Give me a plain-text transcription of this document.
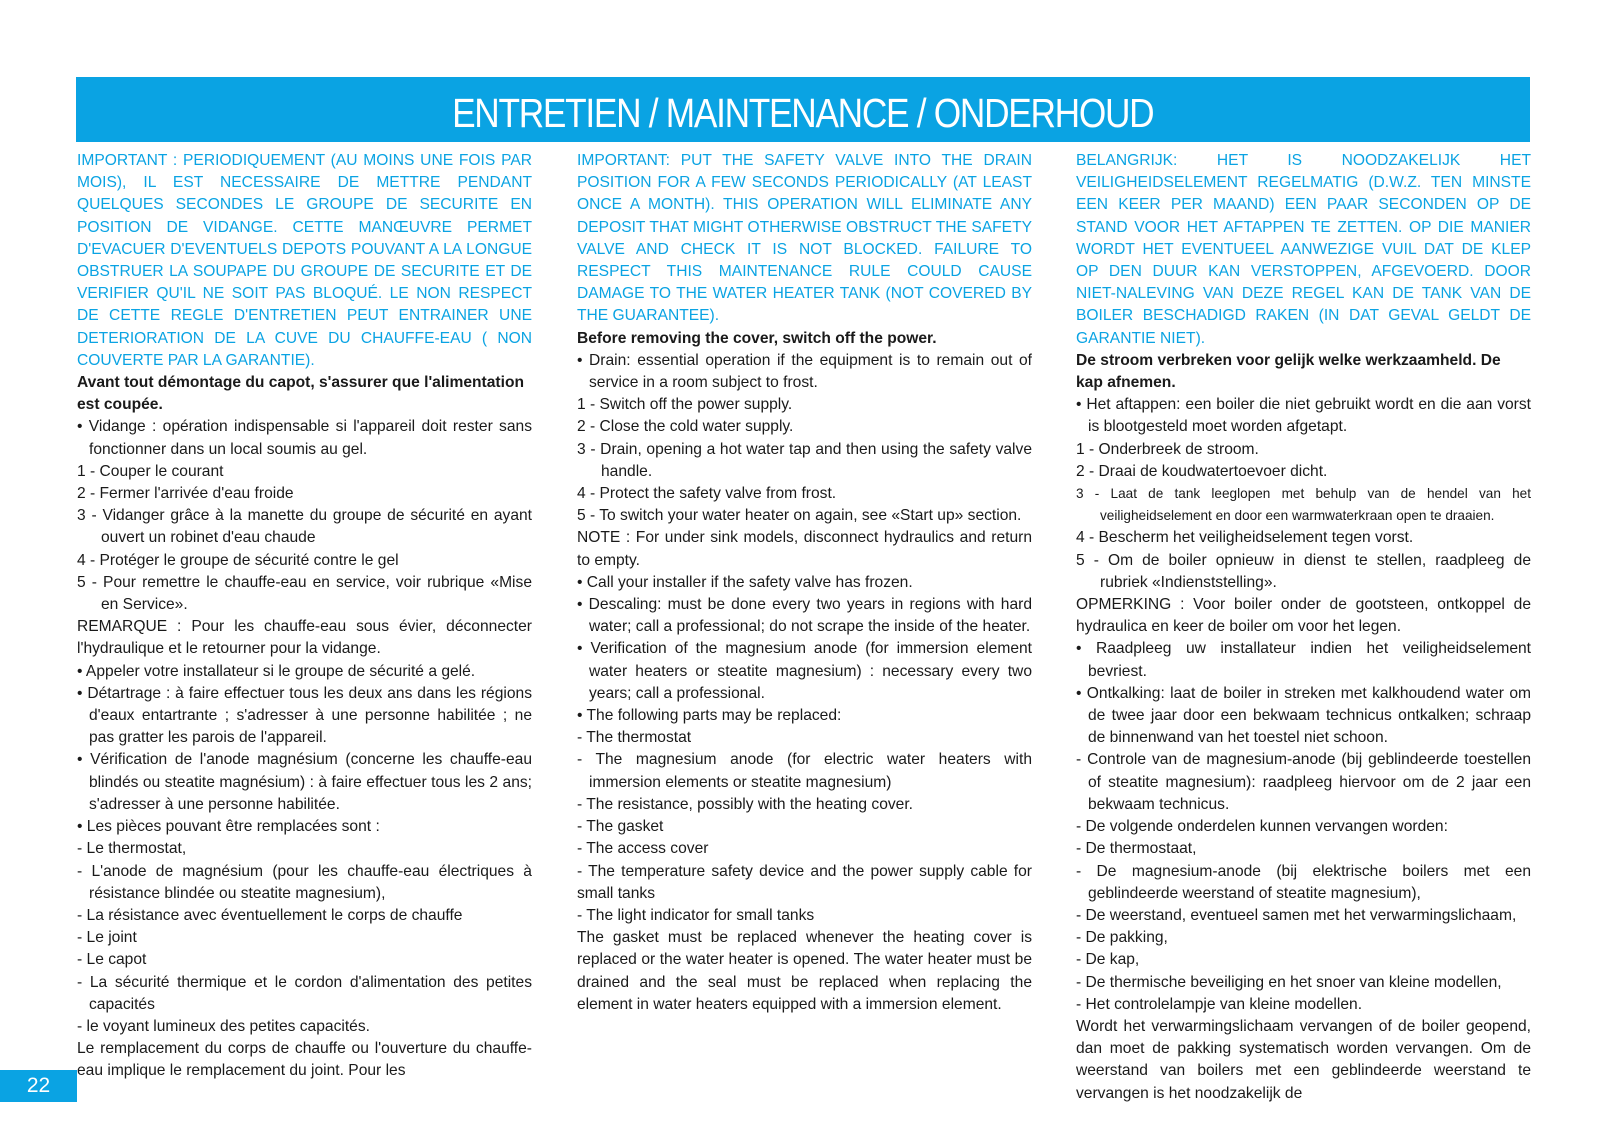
ENTRETIEN / MAINTENANCE / ONDERHOUD

IMPORTANT : PERIODIQUEMENT (AU MOINS UNE FOIS PAR MOIS), IL EST NECESSAIRE DE METTRE PENDANT QUELQUES SECONDES LE GROUPE DE SECURITE EN POSITION DE VIDANGE. CETTE MANŒUVRE PERMET D'EVACUER D'EVENTUELS DEPOTS POUVANT A LA LONGUE OBSTRUER LA SOUPAPE DU GROUPE DE SECURITE ET DE VERIFIER QU'IL NE SOIT PAS BLOQUÉ. LE NON RESPECT DE CETTE REGLE D'ENTRETIEN PEUT ENTRAINER UNE DETERIORATION DE LA CUVE DU CHAUFFE-EAU ( NON COUVERTE PAR LA GARANTIE).

Avant tout démontage du capot, s'assurer que l'alimentation est coupée.

• Vidange : opération indispensable si l'appareil doit rester sans fonctionner dans un local soumis au gel.

1 - Couper le courant

2 - Fermer l'arrivée d'eau froide

3 - Vidanger grâce à la manette du groupe de sécurité en ayant ouvert un robinet d'eau chaude

4 - Protéger le groupe de sécurité contre le gel

5 - Pour remettre le chauffe-eau en service, voir rubrique «Mise en Service».

REMARQUE : Pour les chauffe-eau sous évier, déconnecter l'hydraulique et le retourner pour la vidange.

• Appeler votre installateur si le groupe de sécurité a gelé.

• Détartrage : à faire effectuer tous les deux ans dans les régions d'eaux entartrante ; s'adresser à une personne habilitée ; ne pas gratter les parois de l'appareil.

• Vérification de l'anode magnésium (concerne les chauffe-eau blindés ou steatite magnésium) : à faire effectuer tous les 2 ans; s'adresser à une personne habilitée.

• Les pièces pouvant être remplacées sont :

- Le thermostat,

- L'anode de magnésium (pour les chauffe-eau électriques à résistance blindée ou steatite magnesium),

- La résistance avec éventuellement le corps de chauffe

- Le joint

- Le capot

- La sécurité thermique et le cordon d'alimentation des petites capacités

- le voyant lumineux des petites capacités.

Le remplacement du corps de chauffe ou l'ouverture du chauffe-eau implique le remplacement du joint. Pour les

IMPORTANT: PUT THE SAFETY VALVE INTO THE DRAIN POSITION FOR A FEW SECONDS PERIODICALLY (AT LEAST ONCE A MONTH). THIS OPERATION WILL ELIMINATE ANY DEPOSIT THAT MIGHT OTHERWISE OBSTRUCT THE SAFETY VALVE AND CHECK IT IS NOT BLOCKED. FAILURE TO RESPECT THIS MAINTENANCE RULE COULD CAUSE DAMAGE TO THE WATER HEATER TANK (NOT COVERED BY THE GUARANTEE).

Before removing the cover, switch off the power.

• Drain: essential operation if the equipment is to remain out of service in a room subject to frost.

1 - Switch off the power supply.

2 - Close the cold water supply.

3 - Drain, opening a hot water tap and then using the safety valve handle.

4 - Protect the safety valve from frost.

5 - To switch your water heater on again, see «Start up» section.

NOTE : For under sink models, disconnect hydraulics and return to empty.

• Call your installer if the safety valve has frozen.

• Descaling: must be done every two years in regions with hard water; call a professional; do not scrape the inside of the heater.

• Verification of the magnesium anode (for immersion element water heaters or steatite magnesium) : necessary every two years; call a professional.

• The following parts may be replaced:

- The thermostat

- The magnesium anode (for electric water heaters with immersion elements or steatite magnesium)

- The resistance, possibly with the heating cover.

- The gasket

- The access cover

- The temperature safety device and the power supply cable for small tanks

- The light indicator for small tanks

The gasket must be replaced whenever the heating cover is replaced or the water heater is opened. The water heater must be drained and the seal must be replaced when replacing the element in water heaters equipped with a immersion element.

BELANGRIJK: HET IS NOODZAKELIJK HET VEILIGHEIDSELEMENT REGELMATIG (D.W.Z. TEN MINSTE EEN KEER PER MAAND) EEN PAAR SECONDEN OP DE STAND VOOR HET AFTAPPEN TE ZETTEN. OP DIE MANIER WORDT HET EVENTUEEL AANWEZIGE VUIL DAT DE KLEP OP DEN DUUR KAN VERSTOPPEN, AFGEVOERD. DOOR NIET-NALEVING VAN DEZE REGEL KAN DE TANK VAN DE BOILER BESCHADIGD RAKEN (IN DAT GEVAL GELDT DE GARANTIE NIET).

De stroom verbreken voor gelijk welke werkzaamheld. De kap afnemen.

• Het aftappen: een boiler die niet gebruikt wordt en die aan vorst is blootgesteld moet worden afgetapt.

1 - Onderbreek de stroom.

2 - Draai de koudwatertoevoer dicht.

3 - Laat de tank leeglopen met behulp van de hendel van het veiligheidselement en door een warmwaterkraan open te draaien.

4 - Bescherm het veiligheidselement tegen vorst.

5 - Om de boiler opnieuw in dienst te stellen, raadpleeg de rubriek «Indienststelling».

OPMERKING : Voor boiler onder de gootsteen, ontkoppel de hydraulica en keer de boiler om voor het legen.

• Raadpleeg uw installateur indien het veiligheidselement bevriest.

• Ontkalking: laat de boiler in streken met kalkhoudend water om de twee jaar door een bekwaam technicus ontkalken; schraap de binnenwand van het toestel niet schoon.

- Controle van de magnesium-anode (bij geblindeerde toestellen of steatite magnesium): raadpleeg hiervoor om de 2 jaar een bekwaam technicus.

- De volgende onderdelen kunnen vervangen worden:

- De thermostaat,

- De magnesium-anode (bij elektrische boilers met een geblindeerde weerstand of steatite magnesium),

- De weerstand, eventueel samen met het verwarmingslichaam,

- De pakking,

- De kap,

- De thermische beveiliging en het snoer van kleine modellen,

- Het controlelampje van kleine modellen.

Wordt het verwarmingslichaam vervangen of de boiler geopend, dan moet de pakking systematisch worden vervangen. Om de weerstand van boilers met een geblindeerde weerstand te vervangen is het noodzakelijk de

22
